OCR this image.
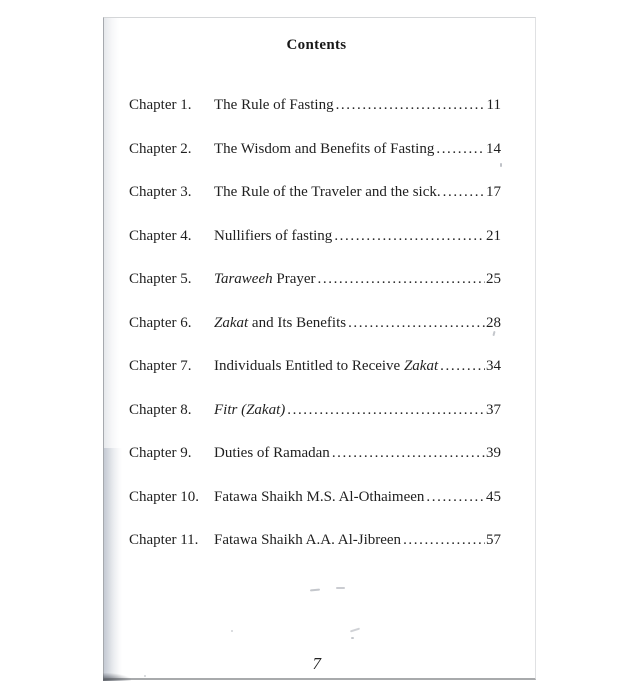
Contents
Chapter 1.	The Rule of Fasting .....	11
Chapter 2.	The Wisdom and Benefits of Fasting .....	14
Chapter 3.	The Rule of the Traveler and the sick. .....	17
Chapter 4.	Nullifiers of fasting .....	21
Chapter 5.	Taraweeh Prayer .....	25
Chapter 6.	Zakat and Its Benefits .....	28
Chapter 7.	Individuals Entitled to Receive Zakat .....	34
Chapter 8.	Fitr (Zakat) .....	37
Chapter 9.	Duties of Ramadan .....	39
Chapter 10.	Fatawa Shaikh M.S. Al-Othaimeen .....	45
Chapter 11.	Fatawa Shaikh A.A. Al-Jibreen .....	57
7
